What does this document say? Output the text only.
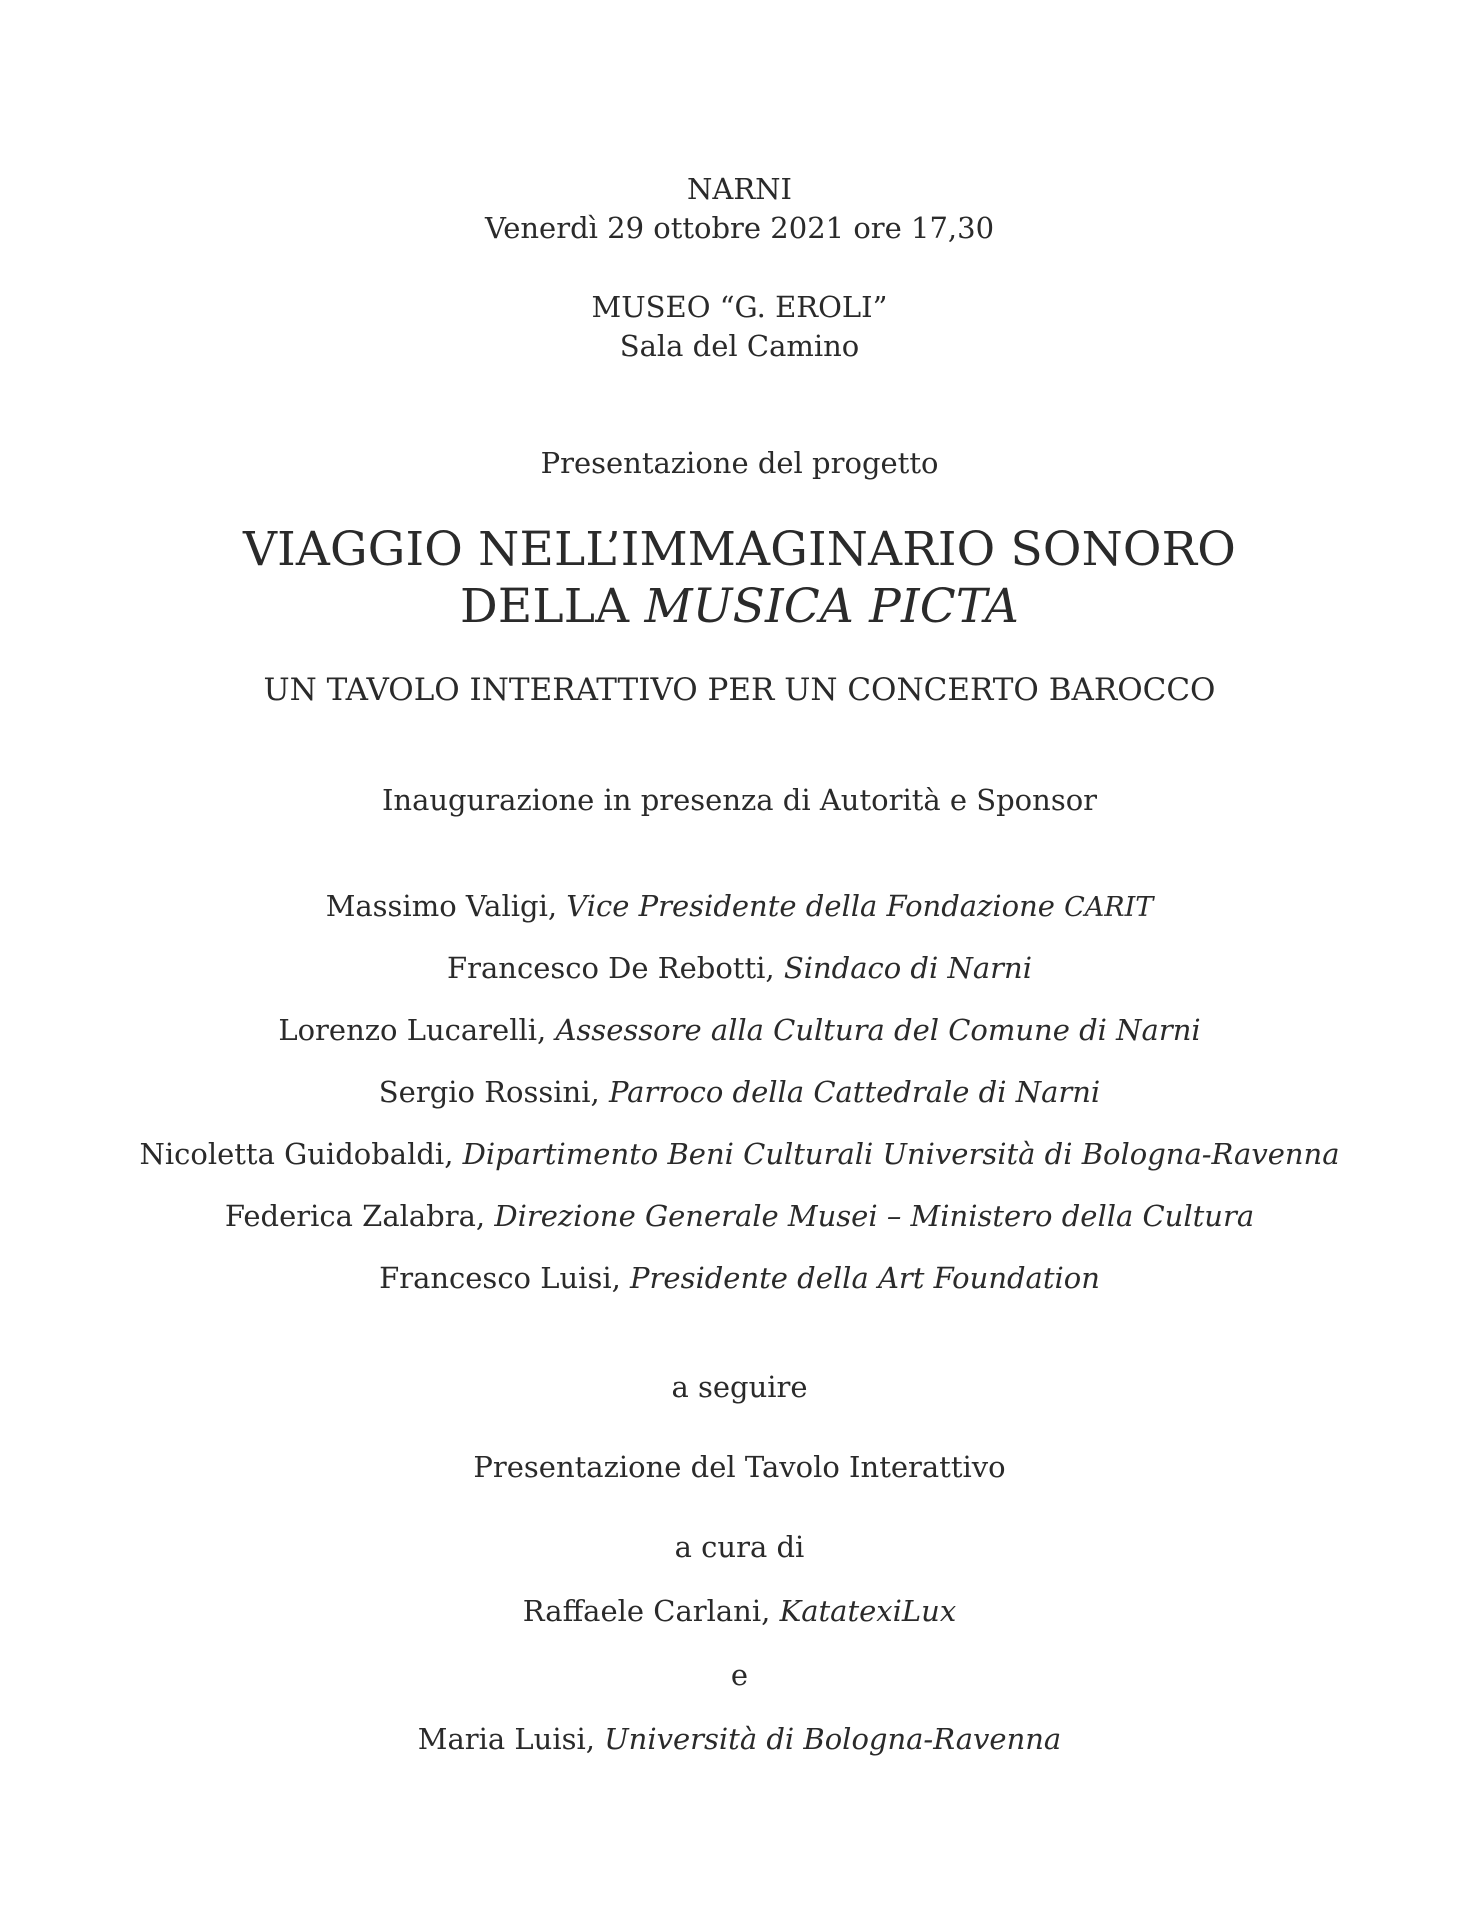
NARNI
Venerdì 29 ottobre 2021 ore 17,30
MUSEO “G. EROLI”
Sala del Camino
Presentazione del progetto
VIAGGIO NELL’IMMAGINARIO SONORO
DELLA MUSICA PICTA
UN TAVOLO INTERATTIVO PER UN CONCERTO BAROCCO
Inaugurazione in presenza di Autorità e Sponsor
Massimo Valigi, Vice Presidente della Fondazione CARIT
Francesco De Rebotti, Sindaco di Narni
Lorenzo Lucarelli, Assessore alla Cultura del Comune di Narni
Sergio Rossini, Parroco della Cattedrale di Narni
Nicoletta Guidobaldi, Dipartimento Beni Culturali Università di Bologna-Ravenna
Federica Zalabra, Direzione Generale Musei – Ministero della Cultura
Francesco Luisi, Presidente della Art Foundation
a seguire
Presentazione del Tavolo Interattivo
a cura di
Raffaele Carlani, KatatexiLux
e
Maria Luisi, Università di Bologna-Ravenna
